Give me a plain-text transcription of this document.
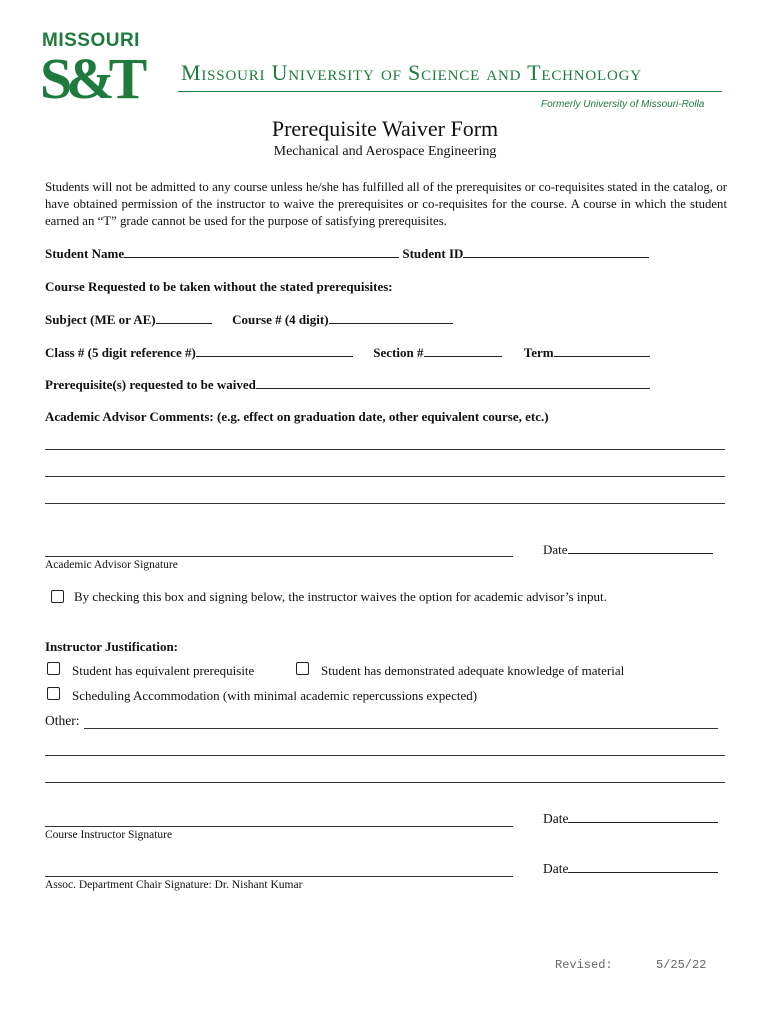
MISSOURI
S&T Missouri University of Science and Technology
Formerly University of Missouri-Rolla
Prerequisite Waiver Form
Mechanical and Aerospace Engineering
Students will not be admitted to any course unless he/she has fulfilled all of the prerequisites or co-requisites stated in the catalog, or have obtained permission of the instructor to waive the prerequisites or co-requisites for the course. A course in which the student earned an “T” grade cannot be used for the purpose of satisfying prerequisites.
Student Name	Student ID
Course Requested to be taken without the stated prerequisites:
Subject (ME or AE)	Course # (4 digit)
Class # (5 digit reference #)	Section #	Term
Prerequisite(s) requested to be waived
Academic Advisor Comments: (e.g. effect on graduation date, other equivalent course, etc.)
Date
Academic Advisor Signature
By checking this box and signing below, the instructor waives the option for academic advisor’s input.
Instructor Justification:
Student has equivalent prerequisite	Student has demonstrated adequate knowledge of material
Scheduling Accommodation (with minimal academic repercussions expected)
Other:
Date
Course Instructor Signature
Date
Assoc. Department Chair Signature: Dr. Nishant Kumar
Revised:	5/25/22
